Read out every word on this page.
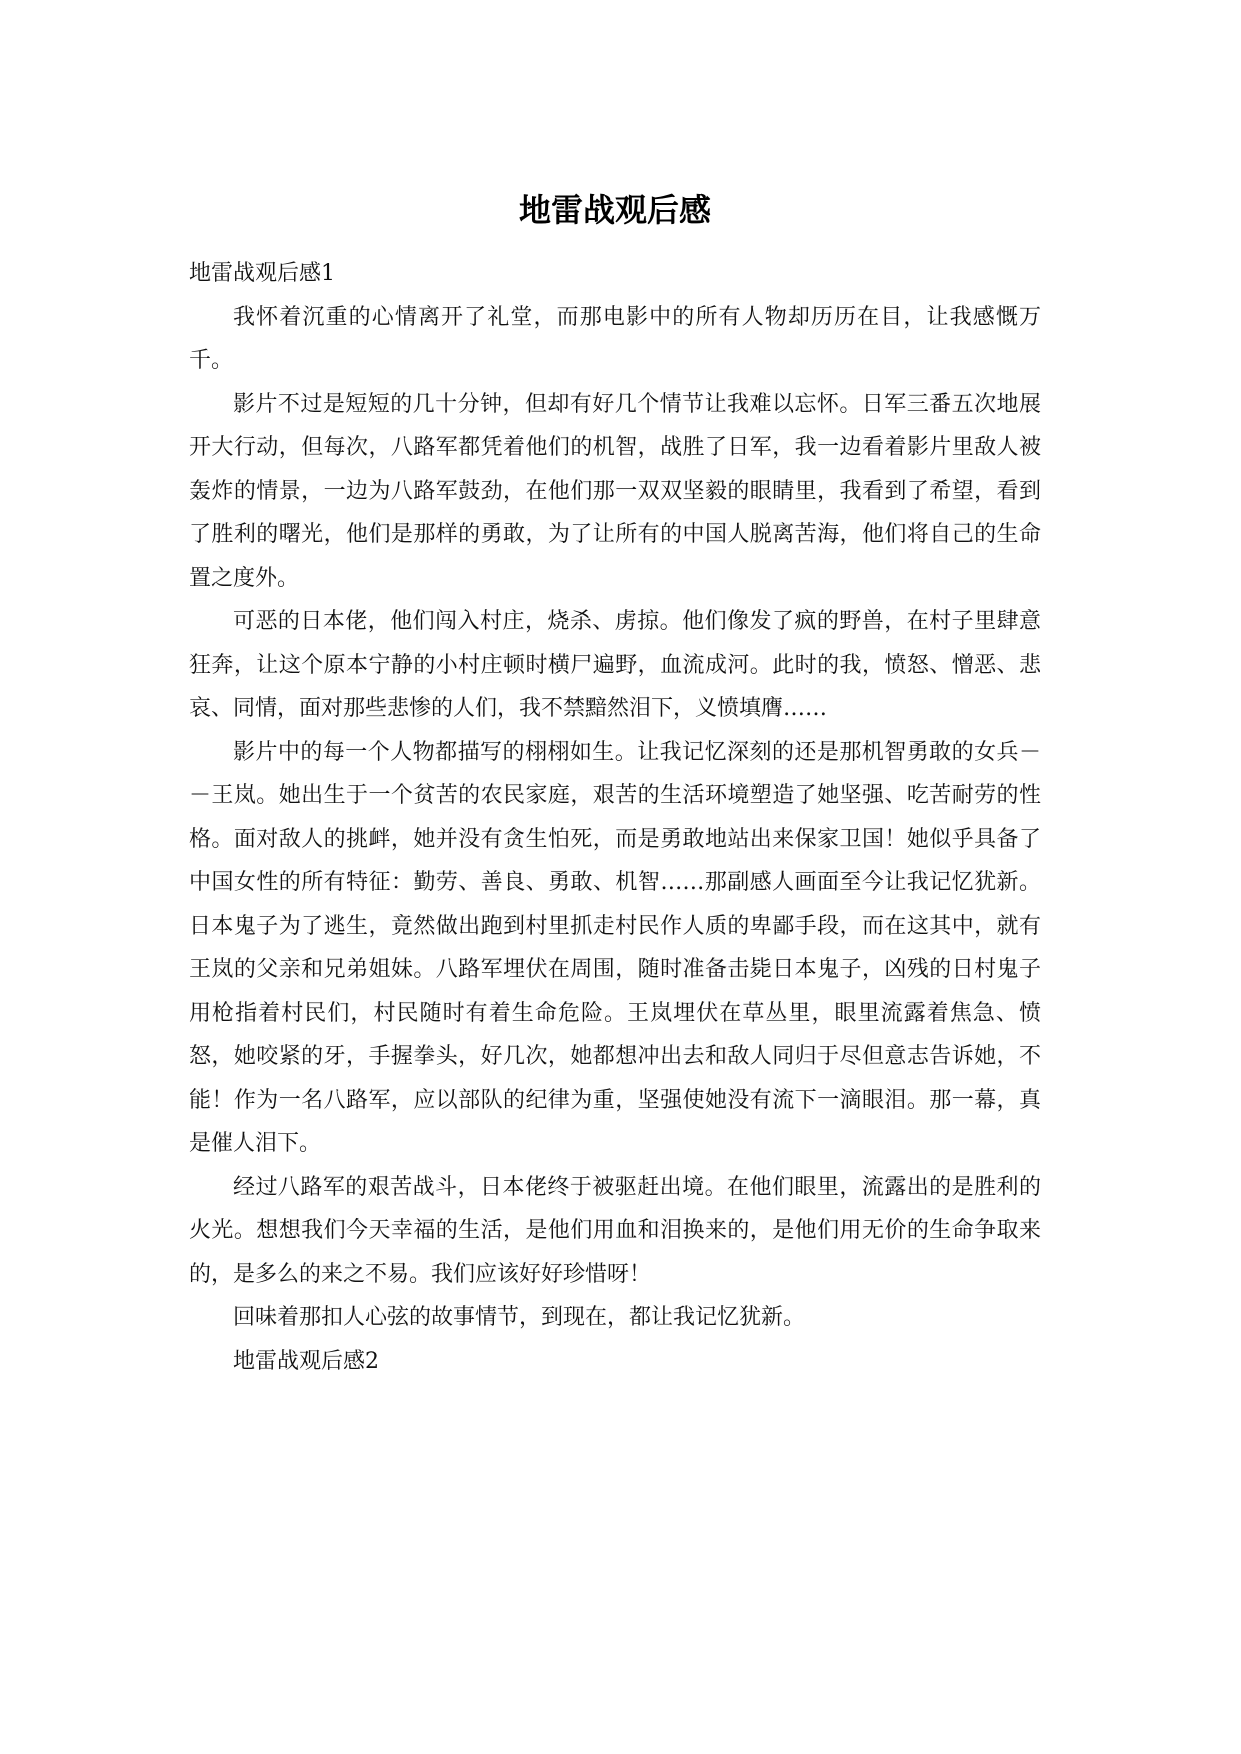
地雷战观后感

地雷战观后感1

我怀着沉重的心情离开了礼堂，而那电影中的所有人物却历历在目，让我感慨万千。

影片不过是短短的几十分钟，但却有好几个情节让我难以忘怀。日军三番五次地展开大行动，但每次，八路军都凭着他们的机智，战胜了日军，我一边看着影片里敌人被轰炸的情景，一边为八路军鼓劲，在他们那一双双坚毅的眼睛里，我看到了希望，看到了胜利的曙光，他们是那样的勇敢，为了让所有的中国人脱离苦海，他们将自己的生命置之度外。

可恶的日本佬，他们闯入村庄，烧杀、虏掠。他们像发了疯的野兽，在村子里肆意狂奔，让这个原本宁静的小村庄顿时横尸遍野，血流成河。此时的我，愤怒、憎恶、悲哀、同情，面对那些悲惨的人们，我不禁黯然泪下，义愤填膺……

影片中的每一个人物都描写的栩栩如生。让我记忆深刻的还是那机智勇敢的女兵－－王岚。她出生于一个贫苦的农民家庭，艰苦的生活环境塑造了她坚强、吃苦耐劳的性格。面对敌人的挑衅，她并没有贪生怕死，而是勇敢地站出来保家卫国！她似乎具备了中国女性的所有特征：勤劳、善良、勇敢、机智……那副感人画面至今让我记忆犹新。日本鬼子为了逃生，竟然做出跑到村里抓走村民作人质的卑鄙手段，而在这其中，就有王岚的父亲和兄弟姐妹。八路军埋伏在周围，随时准备击毙日本鬼子，凶残的日村鬼子用枪指着村民们，村民随时有着生命危险。王岚埋伏在草丛里，眼里流露着焦急、愤怒，她咬紧的牙，手握拳头，好几次，她都想冲出去和敌人同归于尽但意志告诉她，不能！作为一名八路军，应以部队的纪律为重，坚强使她没有流下一滴眼泪。那一幕，真是催人泪下。

经过八路军的艰苦战斗，日本佬终于被驱赶出境。在他们眼里，流露出的是胜利的火光。想想我们今天幸福的生活，是他们用血和泪换来的，是他们用无价的生命争取来的，是多么的来之不易。我们应该好好珍惜呀！

回味着那扣人心弦的故事情节，到现在，都让我记忆犹新。

地雷战观后感2
